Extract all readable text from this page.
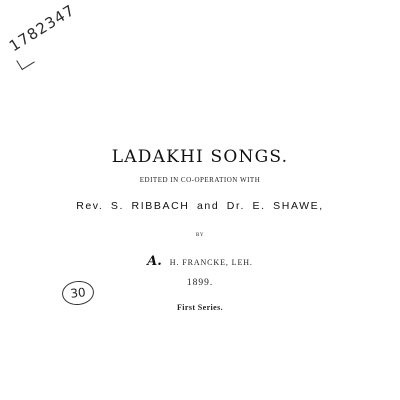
1782347
LADAKHI SONGS.
EDITED IN CO-OPERATION WITH
Rev. S. RIBBACH and Dr. E. SHAWE,
BY
A. H. FRANCKE, LEH.
30
1899.
First Series.
